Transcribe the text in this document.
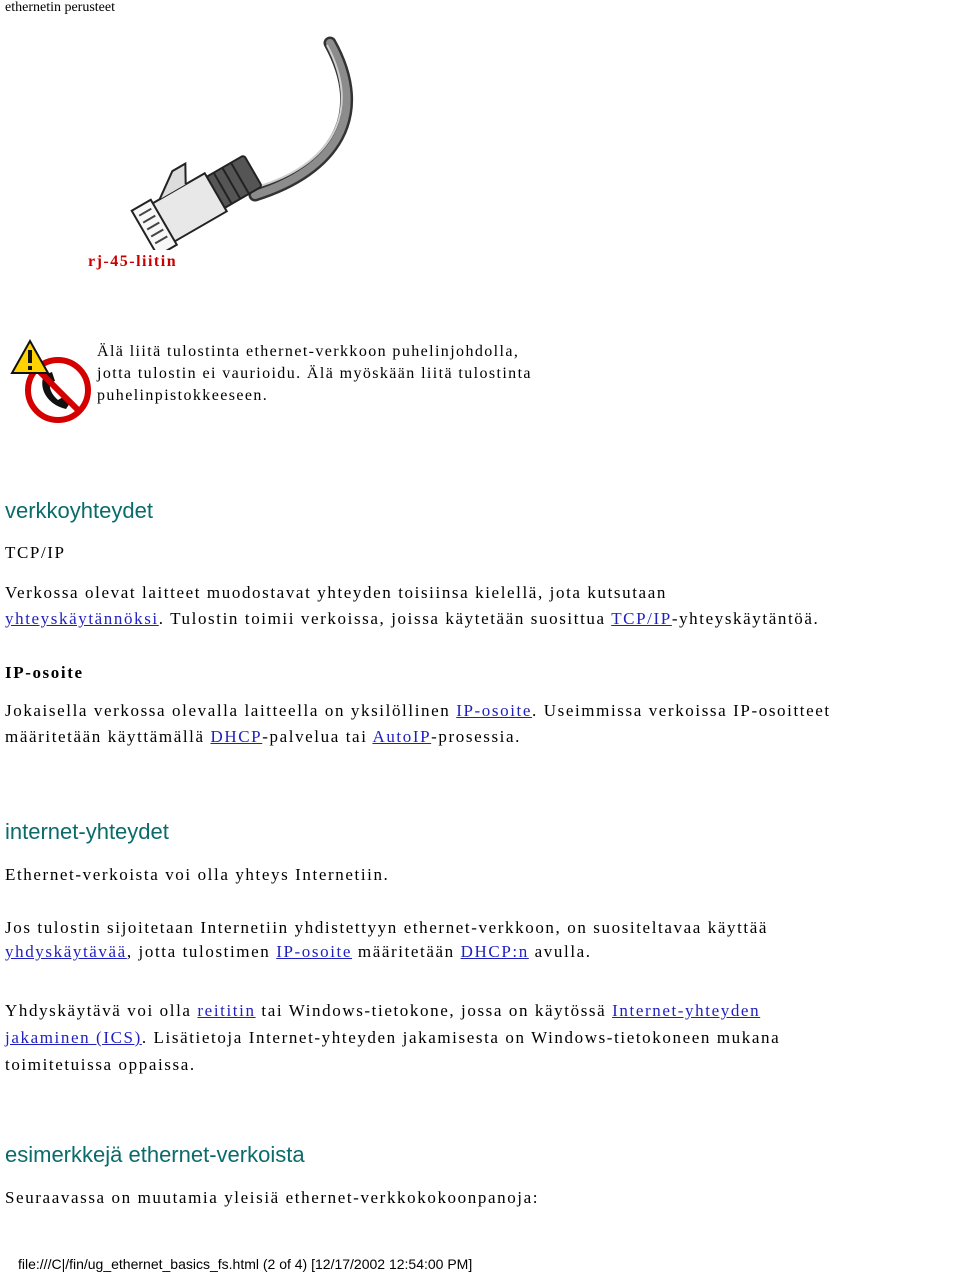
ethernetin perusteet
rj-45-liitin
Älä liitä tulostinta ethernet-verkkoon puhelinjohdolla,
jotta tulostin ei vaurioidu. Älä myöskään liitä tulostinta
puhelinpistokkeeseen.
verkkoyhteydet
TCP/IP
Verkossa olevat laitteet muodostavat yhteyden toisiinsa kielellä, jota kutsutaan
yhteyskäytännöksi. Tulostin toimii verkoissa, joissa käytetään suosittua TCP/IP-yhteyskäytäntöä.
IP-osoite
Jokaisella verkossa olevalla laitteella on yksilöllinen IP-osoite. Useimmissa verkoissa IP-osoitteet
määritetään käyttämällä DHCP-palvelua tai AutoIP-prosessia.
internet-yhteydet
Ethernet-verkoista voi olla yhteys Internetiin.
Jos tulostin sijoitetaan Internetiin yhdistettyyn ethernet-verkkoon, on suositeltavaa käyttää
yhdyskäytävää, jotta tulostimen IP-osoite määritetään DHCP:n avulla.
Yhdyskäytävä voi olla reititin tai Windows-tietokone, jossa on käytössä Internet-yhteyden
jakaminen (ICS). Lisätietoja Internet-yhteyden jakamisesta on Windows-tietokoneen mukana
toimitetuissa oppaissa.
esimerkkejä ethernet-verkoista
Seuraavassa on muutamia yleisiä ethernet-verkkokokoonpanoja:
file:///C|/fin/ug_ethernet_basics_fs.html (2 of 4) [12/17/2002 12:54:00 PM]
